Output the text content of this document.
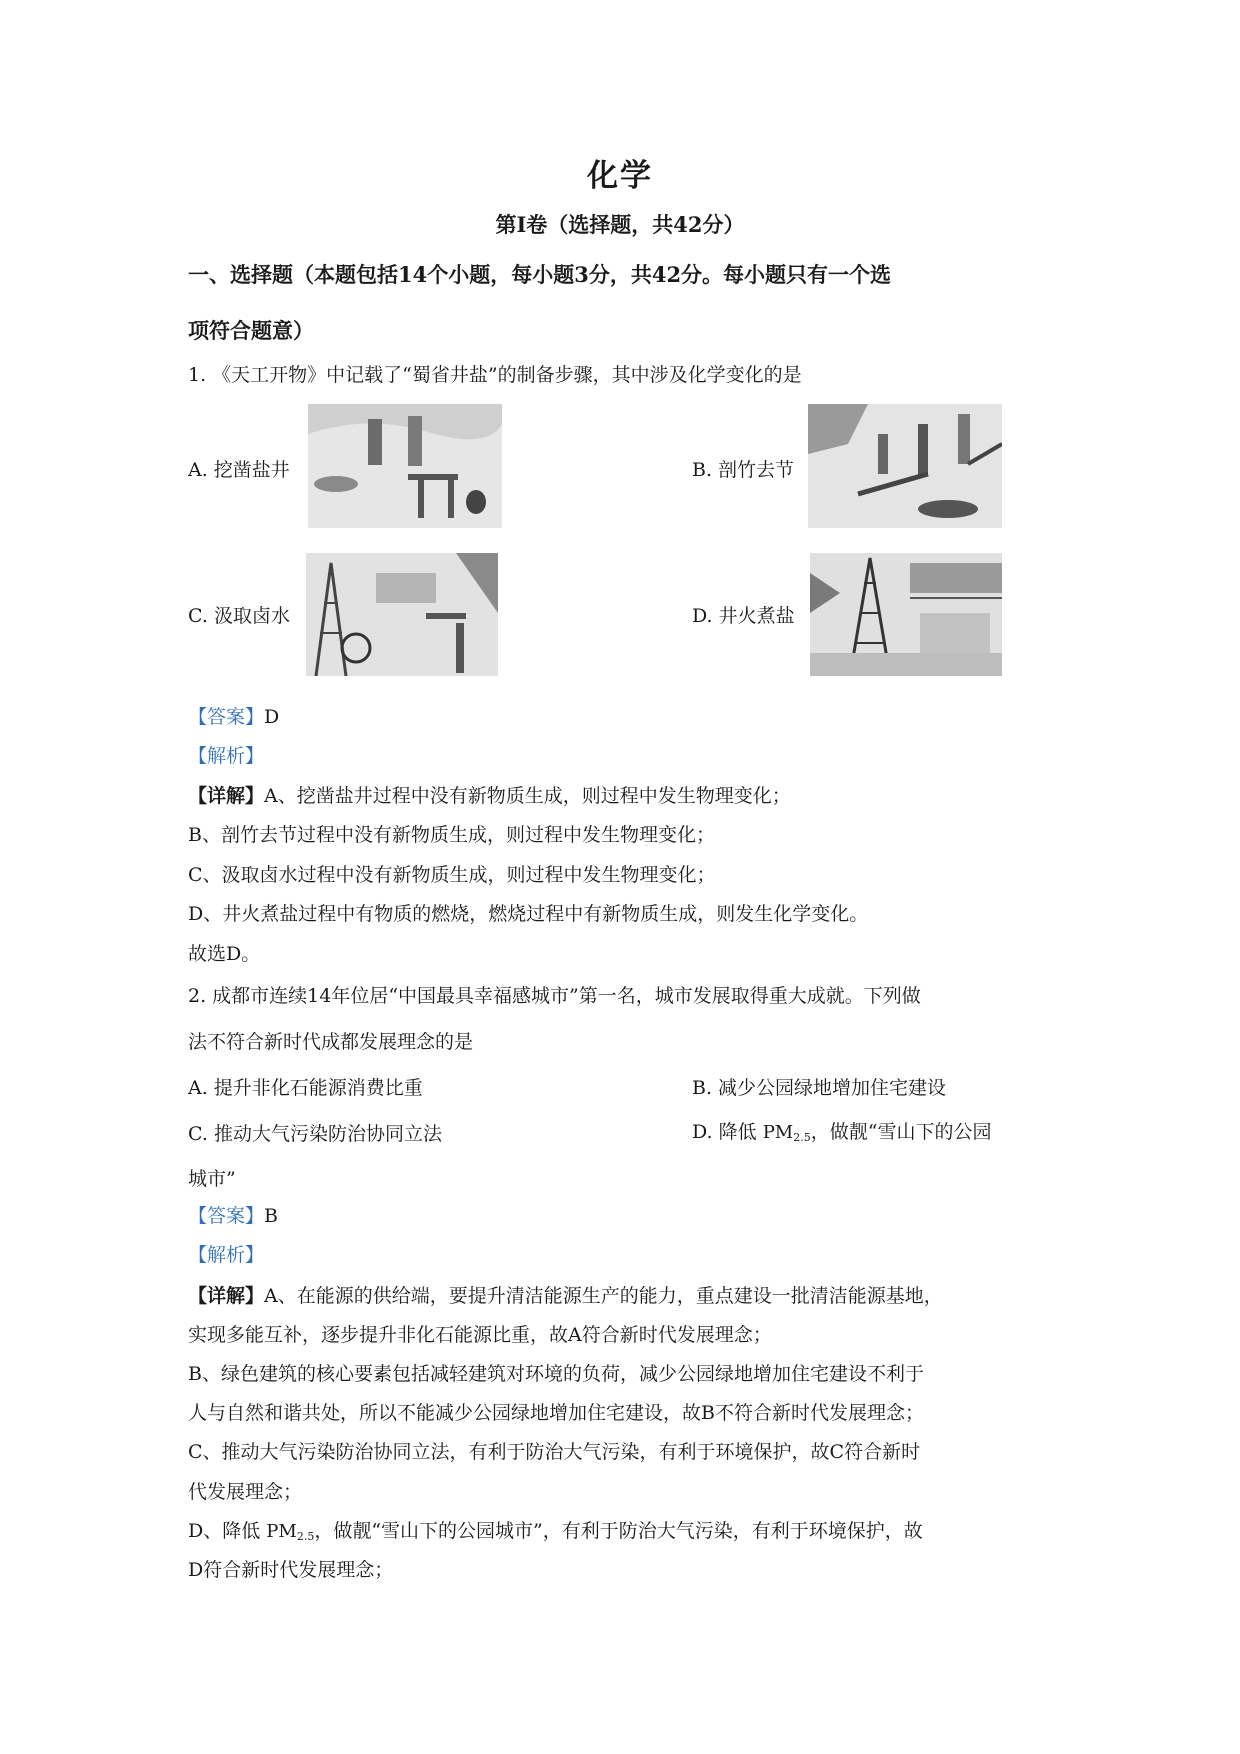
化学
第I卷（选择题，共42分）
一、选择题（本题包括14个小题，每小题3分，共42分。每小题只有一个选
项符合题意）
1. 《天工开物》中记载了“蜀省井盐”的制备步骤，其中涉及化学变化的是
A. 挖凿盐井	B. 剖竹去节
C. 汲取卤水	D. 井火煮盐
【答案】D
【解析】
【详解】A、挖凿盐井过程中没有新物质生成，则过程中发生物理变化；
B、剖竹去节过程中没有新物质生成，则过程中发生物理变化；
C、汲取卤水过程中没有新物质生成，则过程中发生物理变化；
D、井火煮盐过程中有物质的燃烧，燃烧过程中有新物质生成，则发生化学变化。
故选D。
2. 成都市连续14年位居“中国最具幸福感城市”第一名，城市发展取得重大成就。下列做
法不符合新时代成都发展理念的是
A. 提升非化石能源消费比重	B. 减少公园绿地增加住宅建设
C. 推动大气污染防治协同立法	D. 降低 $PM_{2.5}$，做靓“雪山下的公园
城市”
【答案】B
【解析】
【详解】A、在能源的供给端，要提升清洁能源生产的能力，重点建设一批清洁能源基地，
实现多能互补，逐步提升非化石能源比重，故A符合新时代发展理念；
B、绿色建筑的核心要素包括减轻建筑对环境的负荷，减少公园绿地增加住宅建设不利于
人与自然和谐共处，所以不能减少公园绿地增加住宅建设，故B不符合新时代发展理念；
C、推动大气污染防治协同立法，有利于防治大气污染，有利于环境保护，故C符合新时
代发展理念；
D、降低 $PM_{2.5}$，做靓“雪山下的公园城市”，有利于防治大气污染，有利于环境保护，故
D符合新时代发展理念；
